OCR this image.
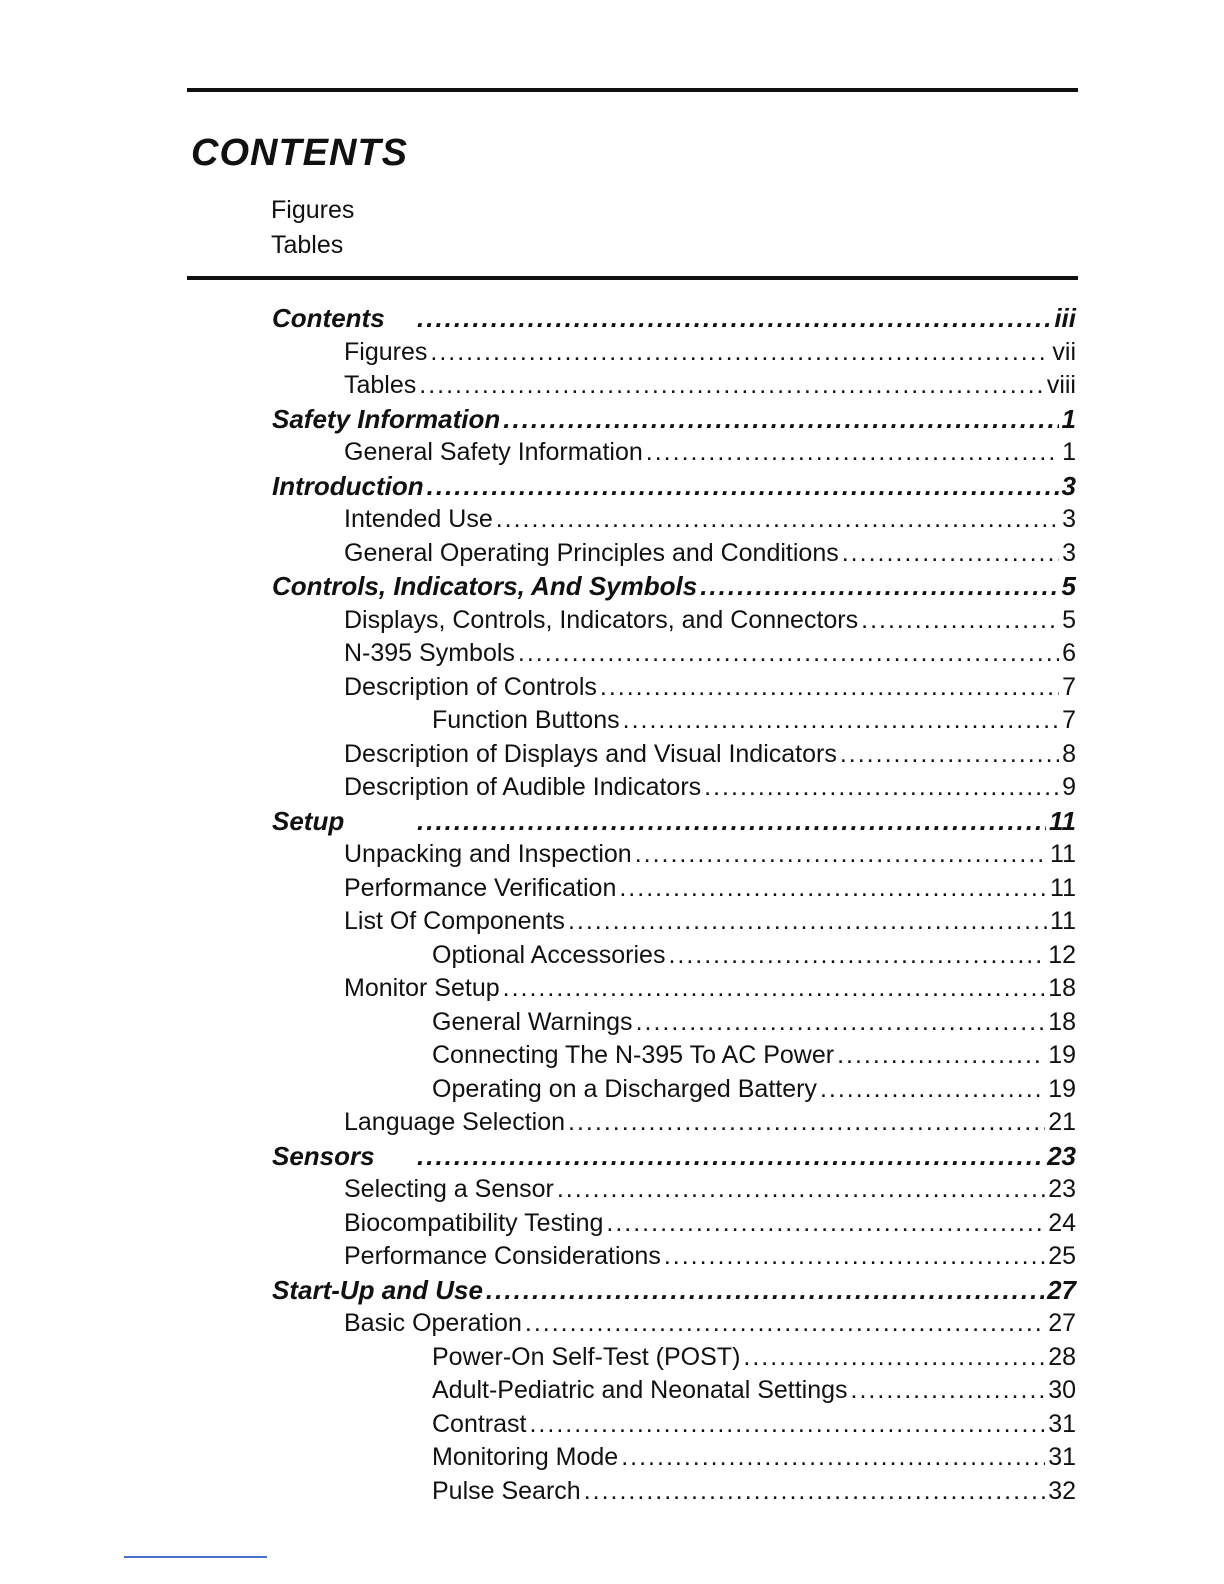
CONTENTS
Figures
Tables
Contents .....	iii
Figures .....	vii
Tables .....	viii
Safety Information .....	1
General Safety Information .....	1
Introduction .....	3
Intended Use .....	3
General Operating Principles and Conditions .....	3
Controls, Indicators, And Symbols .....	5
Displays, Controls, Indicators, and Connectors .....	5
N-395 Symbols .....	6
Description of Controls .....	7
Function Buttons .....	7
Description of Displays and Visual Indicators .....	8
Description of Audible Indicators .....	9
Setup .....	11
Unpacking and Inspection .....	11
Performance Verification .....	11
List Of Components .....	11
Optional Accessories .....	12
Monitor Setup .....	18
General Warnings .....	18
Connecting The N-395 To AC Power .....	19
Operating on a Discharged Battery .....	19
Language Selection .....	21
Sensors .....	23
Selecting a Sensor .....	23
Biocompatibility Testing .....	24
Performance Considerations .....	25
Start-Up and Use .....	27
Basic Operation .....	27
Power-On Self-Test (POST) .....	28
Adult-Pediatric and Neonatal Settings .....	30
Contrast .....	31
Monitoring Mode .....	31
Pulse Search .....	32
